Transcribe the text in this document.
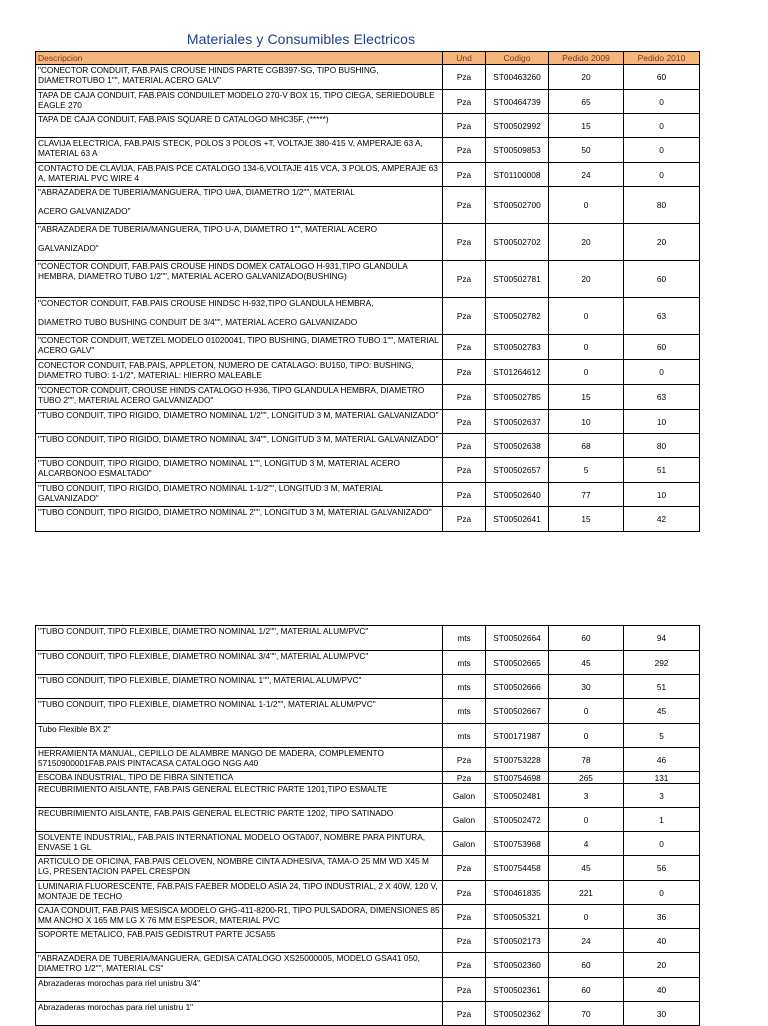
Materiales y Consumibles Electricos
Descripcion	Und	Codigo	Pedido 2009	Pedido 2010
"CONECTOR CONDUIT, FAB.PAIS CROUSE HINDS PARTE CGB397-SG, TIPO BUSHING, DIAMETROTUBO 1"", MATERIAL ACERO GALV"	Pza	ST00463260	20	60
TAPA DE CAJA CONDUIT, FAB.PAIS CONDUILET MODELO 270-V BOX 15, TIPO CIEGA, SERIEDOUBLE EAGLE 270	Pza	ST00464739	65	0
TAPA DE CAJA CONDUIT, FAB.PAIS SQUARE D CATALOGO MHC35F, (*****)	Pza	ST00502992	15	0
CLAVIJA ELECTRICA, FAB.PAIS STECK, POLOS 3 POLOS +T, VOLTAJE 380-415 V, AMPERAJE 63 A, MATERIAL 63 A	Pza	ST00509853	50	0
CONTACTO DE CLAVIJA, FAB.PAIS PCE CATALOGO 134-6,VOLTAJE 415 VCA, 3 POLOS, AMPERAJE 63 A, MATERIAL PVC WIRE 4	Pza	ST01100008	24	0
"ABRAZADERA DE TUBERIA/MANGUERA, TIPO U#A, DIAMETRO 1/2"", MATERIAL

ACERO GALVANIZADO"	Pza	ST00502700	0	80
"ABRAZADERA DE TUBERIA/MANGUERA, TIPO U-A, DIAMETRO 1"", MATERIAL ACERO

GALVANIZADO"	Pza	ST00502702	20	20
"CONECTOR CONDUIT, FAB.PAIS CROUSE HINDS DOMEX CATALOGO H-931,TIPO GLANDULA HEMBRA, DIAMETRO TUBO 1/2"", MATERIAL ACERO GALVANIZADO(BUSHING)	Pza	ST00502781	20	60
"CONECTOR CONDUIT, FAB.PAIS CROUSE HINDSC H-932,TIPO GLANDULA HEMBRA,

DIAMETRO TUBO BUSHING CONDUIT DE 3/4"", MATERIAL ACERO GALVANIZADO	Pza	ST00502782	0	63
"CONECTOR CONDUIT, WETZEL MODELO 01020041, TIPO BUSHING, DIAMETRO TUBO 1"", MATERIAL ACERO GALV"	Pza	ST00502783	0	60
CONECTOR CONDUIT, FAB.PAIS, APPLETON, NUMERO DE CATALAGO: BU150, TIPO: BUSHING, DIAMETRO TUBO: 1-1/2", MATERIAL: HIERRO MALEABLE	Pza	ST01264612	0	0
"CONECTOR CONDUIT, CROUSE HINDS CATALOGO H-936, TIPO GLANDULA HEMBRA, DIAMETRO TUBO 2"", MATERIAL ACERO GALVANIZADO"	Pza	ST00502785	15	63
"TUBO CONDUIT, TIPO RIGIDO, DIAMETRO NOMINAL 1/2"", LONGITUD 3 M, MATERIAL GALVANIZADO"	Pza	ST00502637	10	10
"TUBO CONDUIT, TIPO RIGIDO, DIAMETRO NOMINAL 3/4"", LONGITUD 3 M, MATERIAL GALVANIZADO"	Pza	ST00502638	68	80
"TUBO CONDUIT, TIPO RIGIDO, DIAMETRO NOMINAL 1"", LONGITUD 3 M, MATERIAL ACERO ALCARBONOO ESMALTADO"	Pza	ST00502657	5	51
"TUBO CONDUIT, TIPO RIGIDO, DIAMETRO NOMINAL 1-1/2"", LONGITUD 3 M, MATERIAL GALVANIZADO"	Pza	ST00502640	77	10
"TUBO CONDUIT, TIPO RIGIDO, DIAMETRO NOMINAL 2"", LONGITUD 3 M, MATERIAL GALVANIZADO"	Pza	ST00502641	15	42
"TUBO CONDUIT, TIPO FLEXIBLE, DIAMETRO NOMINAL 1/2"", MATERIAL ALUM/PVC"	mts	ST00502664	60	94
"TUBO CONDUIT, TIPO FLEXIBLE, DIAMETRO NOMINAL 3/4"", MATERIAL ALUM/PVC"	mts	ST00502665	45	292
"TUBO CONDUIT, TIPO FLEXIBLE, DIAMETRO NOMINAL 1"", MATERIAL ALUM/PVC"	mts	ST00502666	30	51
"TUBO CONDUIT, TIPO FLEXIBLE, DIAMETRO NOMINAL 1-1/2"", MATERIAL ALUM/PVC"	mts	ST00502667	0	45
Tubo Flexible BX 2"	mts	ST00171987	0	5
HERRAMIENTA MANUAL, CEPILLO DE ALAMBRE MANGO DE MADERA, COMPLEMENTO 57150900001FAB.PAIS PINTACASA CATALOGO NGG A40	Pza	ST00753228	78	46
ESCOBA INDUSTRIAL, TIPO DE FIBRA SINTETICA	Pza	ST00754698	265	131
RECUBRIMIENTO AISLANTE, FAB.PAIS GENERAL ELECTRIC PARTE 1201,TIPO ESMALTE	Galon	ST00502481	3	3
RECUBRIMIENTO AISLANTE, FAB.PAIS GENERAL ELECTRIC PARTE 1202, TIPO SATINADO	Galon	ST00502472	0	1
SOLVENTE INDUSTRIAL, FAB.PAIS INTERNATIONAL MODELO OGTA007, NOMBRE PARA PINTURA, ENVASE 1 GL	Galon	ST00753968	4	0
ARTICULO DE OFICINA, FAB.PAIS CELOVEN, NOMBRE CINTA ADHESIVA, TAMA-O 25 MM WD X45 M LG, PRESENTACION PAPEL CRESPON	Pza	ST00754458	45	56
LUMINARIA FLUORESCENTE, FAB.PAIS FAEBER MODELO ASIA 24, TIPO INDUSTRIAL, 2 X 40W, 120 V, MONTAJE DE TECHO	Pza	ST00461835	221	0
CAJA CONDUIT, FAB.PAIS MESISCA MODELO GHG-411-8200-R1, TIPO PULSADORA, DIMENSIONES 85 MM ANCHO X 165 MM LG X 76 MM ESPESOR, MATERIAL PVC	Pza	ST00505321	0	36
SOPORTE METALICO, FAB.PAIS GEDISTRUT PARTE JCSA55	Pza	ST00502173	24	40
"ABRAZADERA DE TUBERIA/MANGUERA, GEDISA CATALOGO XS25000005, MODELO GSA41 050, DIAMETRO 1/2"", MATERIAL CS"	Pza	ST00502360	60	20
Abrazaderas morochas para riel unistru 3/4"	Pza	ST00502361	60	40
Abrazaderas morochas para riel unistru 1"	Pza	ST00502362	70	30
